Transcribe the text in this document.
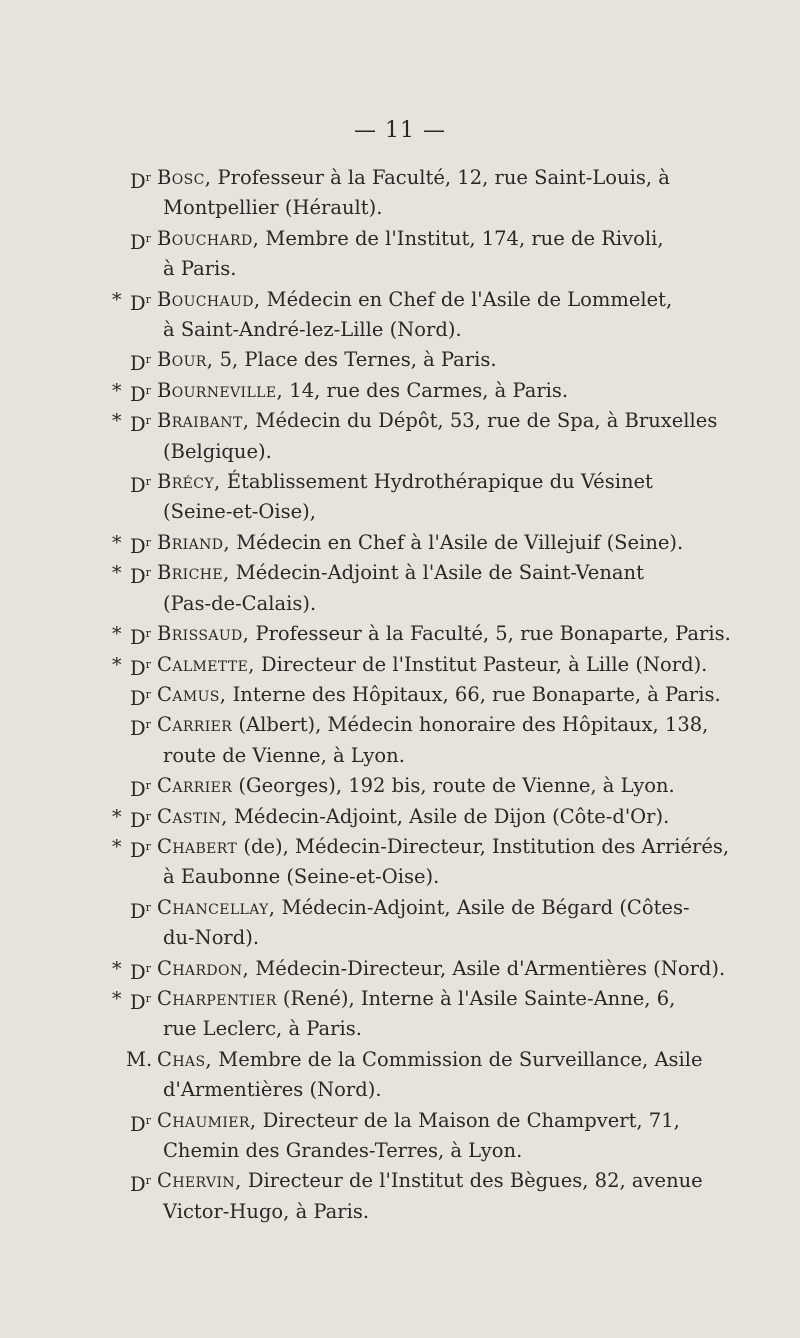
— 11 —
$D^r$ Bosc, Professeur à la Faculté, 12, rue Saint-Louis, à
Montpellier (Hérault).
$D^r$ Bouchard, Membre de l'Institut, 174, rue de Rivoli,
à Paris.
* $D^r$ Bouchaud, Médecin en Chef de l'Asile de Lommelet,
à Saint-André-lez-Lille (Nord).
$D^r$ Bour, 5, Place des Ternes, à Paris.
* $D^r$ Bourneville, 14, rue des Carmes, à Paris.
* $D^r$ Braibant, Médecin du Dépôt, 53, rue de Spa, à Bruxelles
(Belgique).
$D^r$ Brécy, Établissement Hydrothérapique du Vésinet
(Seine-et-Oise),
* $D^r$ Briand, Médecin en Chef à l'Asile de Villejuif (Seine).
* $D^r$ Briche, Médecin-Adjoint à l'Asile de Saint-Venant
(Pas-de-Calais).
* $D^r$ Brissaud, Professeur à la Faculté, 5, rue Bonaparte, Paris.
* $D^r$ Calmette, Directeur de l'Institut Pasteur, à Lille (Nord).
$D^r$ Camus, Interne des Hôpitaux, 66, rue Bonaparte, à Paris.
$D^r$ Carrier (Albert), Médecin honoraire des Hôpitaux, 138,
route de Vienne, à Lyon.
$D^r$ Carrier (Georges), 192 bis, route de Vienne, à Lyon.
* $D^r$ Castin, Médecin-Adjoint, Asile de Dijon (Côte-d'Or).
* $D^r$ Chabert (de), Médecin-Directeur, Institution des Arriérés,
à Eaubonne (Seine-et-Oise).
$D^r$ Chancellay, Médecin-Adjoint, Asile de Bégard (Côtes-
du-Nord).
* $D^r$ Chardon, Médecin-Directeur, Asile d'Armentières (Nord).
* $D^r$ Charpentier (René), Interne à l'Asile Sainte-Anne, 6,
rue Leclerc, à Paris.
M. Chas, Membre de la Commission de Surveillance, Asile
d'Armentières (Nord).
$D^r$ Chaumier, Directeur de la Maison de Champvert, 71,
Chemin des Grandes-Terres, à Lyon.
$D^r$ Chervin, Directeur de l'Institut des Bègues, 82, avenue
Victor-Hugo, à Paris.
